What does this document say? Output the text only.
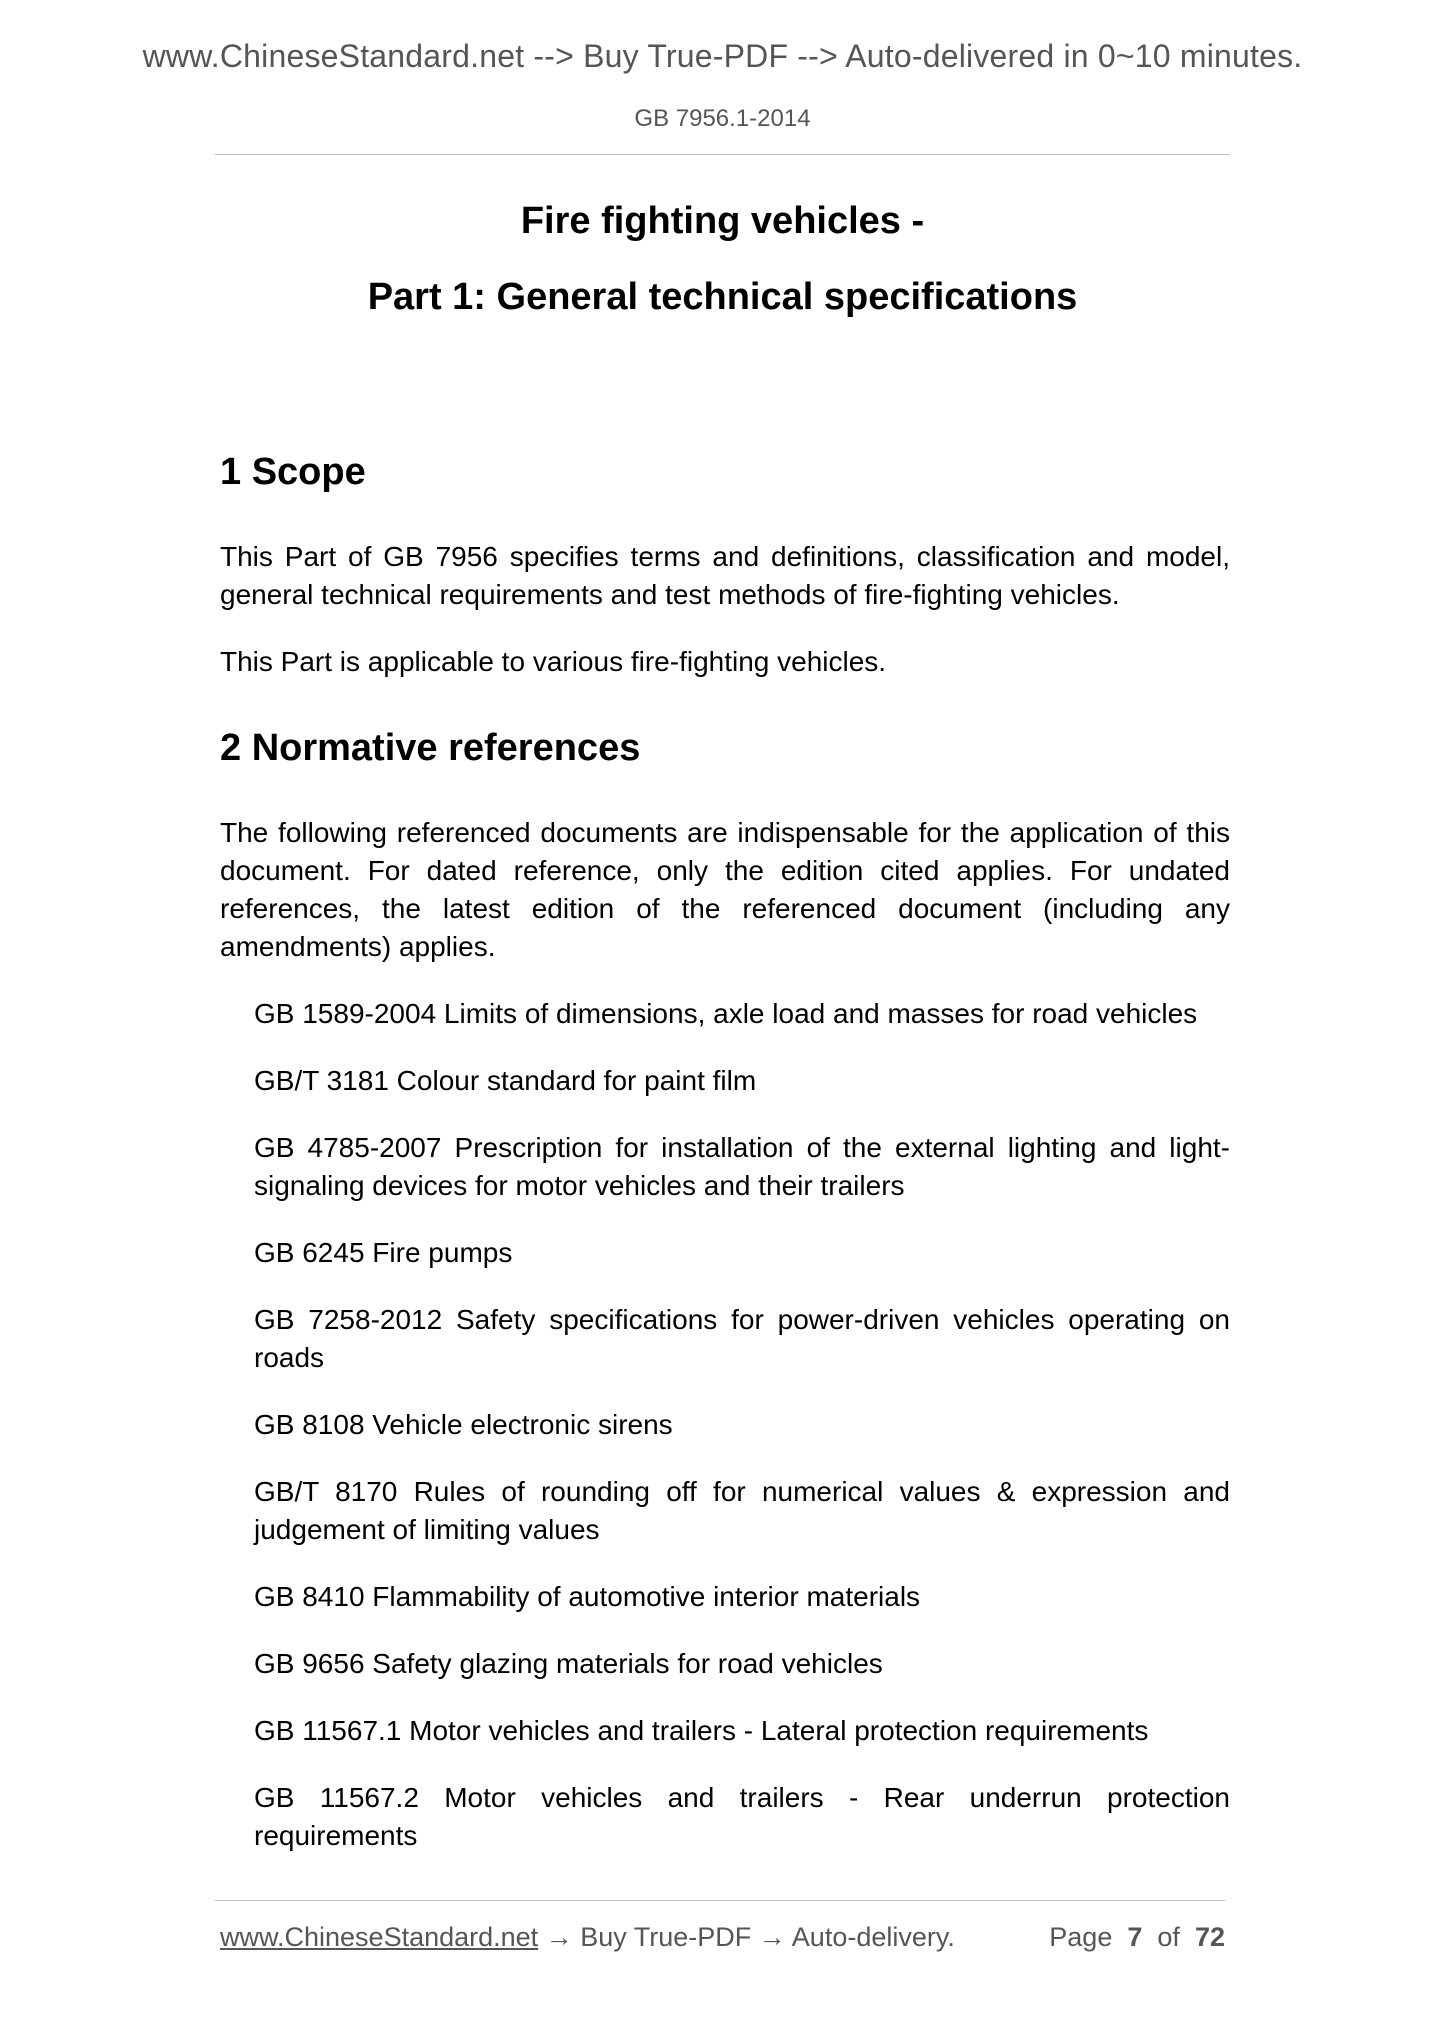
www.ChineseStandard.net --> Buy True-PDF --> Auto-delivered in 0~10 minutes.
GB 7956.1-2014
Fire fighting vehicles -
Part 1: General technical specifications
1 Scope

This Part of GB 7956 specifies terms and definitions, classification and model, general technical requirements and test methods of fire-fighting vehicles.

This Part is applicable to various fire-fighting vehicles.

2 Normative references

The following referenced documents are indispensable for the application of this document. For dated reference, only the edition cited applies. For undated references, the latest edition of the referenced document (including any amendments) applies.

GB 1589-2004 Limits of dimensions, axle load and masses for road vehicles
GB/T 3181 Colour standard for paint film
GB 4785-2007 Prescription for installation of the external lighting and light-signaling devices for motor vehicles and their trailers
GB 6245 Fire pumps
GB 7258-2012 Safety specifications for power-driven vehicles operating on roads
GB 8108 Vehicle electronic sirens
GB/T 8170 Rules of rounding off for numerical values & expression and judgement of limiting values
GB 8410 Flammability of automotive interior materials
GB 9656 Safety glazing materials for road vehicles
GB 11567.1 Motor vehicles and trailers - Lateral protection requirements
GB 11567.2 Motor vehicles and trailers - Rear underrun protection requirements
www.ChineseStandard.net → Buy True-PDF → Auto-delivery.	Page 7 of 72
